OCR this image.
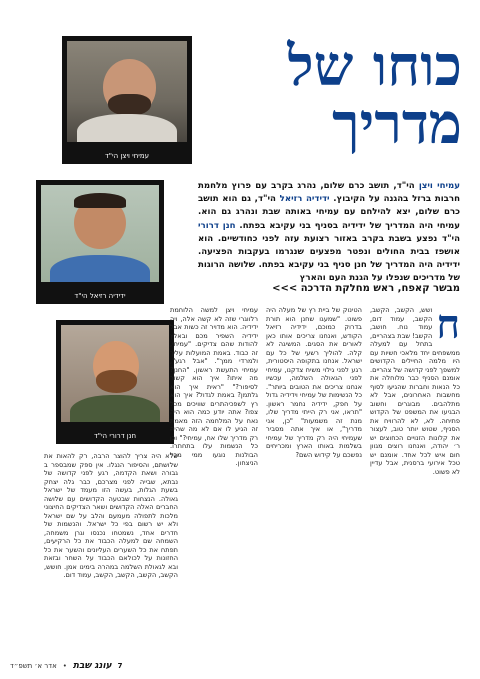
כוחו של
מדריך
עמיחי ויצן הי"ד
ידידיה רזיאל הי"ד
חנן דרורי הי"ד

עמיחי ויצן הי"ד, תושב כרם שלום, נהרג בקרב עם פרוץ מלחמת חרבות ברזל בהגנה על הקיבוץ. ידידיה רזיאל הי"ד, גם הוא תושב כרם שלום, יצא להילחם עם עמיחי באותה שבת ונהרג גם הוא. עמיחי היה המדריך של ידידיה בסניף בני עקיבא בפתח. חנן דרורי הי"ד נפצע בשבת בקרב באזור רצועת עזה לפני כחודשיים. הוא אושפז בבית החולים ונפטר מפצעים שנגרמו בעקבות הפציעה. ידידיה היה המדריך של חנן סניף בני עקיבא בפתח. שלושה הרוגות של מדריכים שנפלו על הגנת העם והארץ

מבשר קאפח, ראש מחלקת הדרכה >>>

ח
ושש, הקשב, הקשב, הקשב, עמוד דום, עמוד נוח. חושב, הקשב! שבת בצהריים, בתחל עם למעלה ממשפחים יחד מלאכי חשיות עם היו מלמה החיילים הקדושים למשפך לפני קדושה של צהריים. אומנם הסניף כבר מלוחלה את כל הנאות וחברות שהגיעו לסוף מחשבות האחרונים, אבל לא מתלהבים. מבוגרים וחשוב הבגיעו את המשפט של הקדוש פתיחה. לא, לא להרוויח את הסניף, שטוש יותר טוב, לעצור את קלונות הזנויים הכחוצים יש ר׳ יהודה, ואנחנו רוצים מגוון חום איש לכל אחד. אומנם יש טכל אירועי ברסנית, אבל עדיין לא פשוט.

הטינוק של ביית רץ של מעלה היה פשוט. "שמעגו שחנן הוא תורת בדרוק כמוכם, ידידיה רזיאל הקודש, ואנחנו צריכים אותו כאן לאורים את הסגים. המשיגה לא קלה. להוליך רשעי של כל עם ישראל. אנחנו בתקופה היסטורית, רגע לפני גילוי משיח צדקנו, עמיחי לפני הגאולה השלמה, עכשיו אנחנו צריכים את הטובים ביותר". כל הנשימות של עמיחי וידידיה גדול על חפק, ידידיה נחמר ראשון. "תראו, אני רק הייתי מדריך שלו, מנת זה משמעות" "כן, אני מדריך", או איך אתה מסביר שעמיחי היה רק מדריך של עמיחי בשלמות באותו הארץ ומכריחים נפשכם על קידוש השם?

עמיחי ויצן למשה הלוחמת רלווגרי שזה לא קשה אלה, ויה ידידיה. הוא מדויר זה כשות אבל ידידיה השפיר מכם ובאלץ להודות שהם צדיקים. "עמיחי, זה כבוד. באמת המועלות עליך ולמרדי ממך". "אבל רגע", עמיחי התעשת ראשון. "החנן? מה איתו? איך הוא קשור לסיפור?" "ראית איך הוא גלתמן? באמת לגדול? איך הוא רץ לשפכיהתרים שוויכים מכל צפו? אתה יודע כמה הוא היה נאח על המלחמה הזה מאמת זה הגיע לו אם לא מה שהיה רק מדריך שלו אח, עמיחי?" וכן כל הנשמות עלו בתחתרו. הבולנות נוגעו ממי מכל הניצחון.

שלא היה צריך להוצר הרבה, רק להאות את שלושתם, והסיפור הנגלו. אין ספק שמבספר ב גבורה ושאת הקדמה, רגע לפני קדושה של נבתא, שבייה לפני מצרכם, כבר גלה יצחק בשעת הגלות, בעשה הזו מעמד של ישראל גאולה. הנצחות שבטעה הקדושים עם שלושה החברים האלה הקדושים ושאר הצדיקים החיצוני מלכות לתפולה מעמעם והלב על שם ישראל ולא יש רשום בפי כל ישראל. והנשמות של חדרים אחד, נשמטחו נכנסו וגרן משמחה, השמחה שם למעלה הכבוד את כל הרקיעים, תפתח את כל השערים העליונים והשער את כל החזונות על לכולאם הכבוד על השחר ובזאת ובא לגאולת השלמה במהרה בימינו אמן. חושש, הקשב, הקשב, הקשב, הקשב, עמוד דום.

7
עונג שבת
•
אדר א׳ תשפ״ד
